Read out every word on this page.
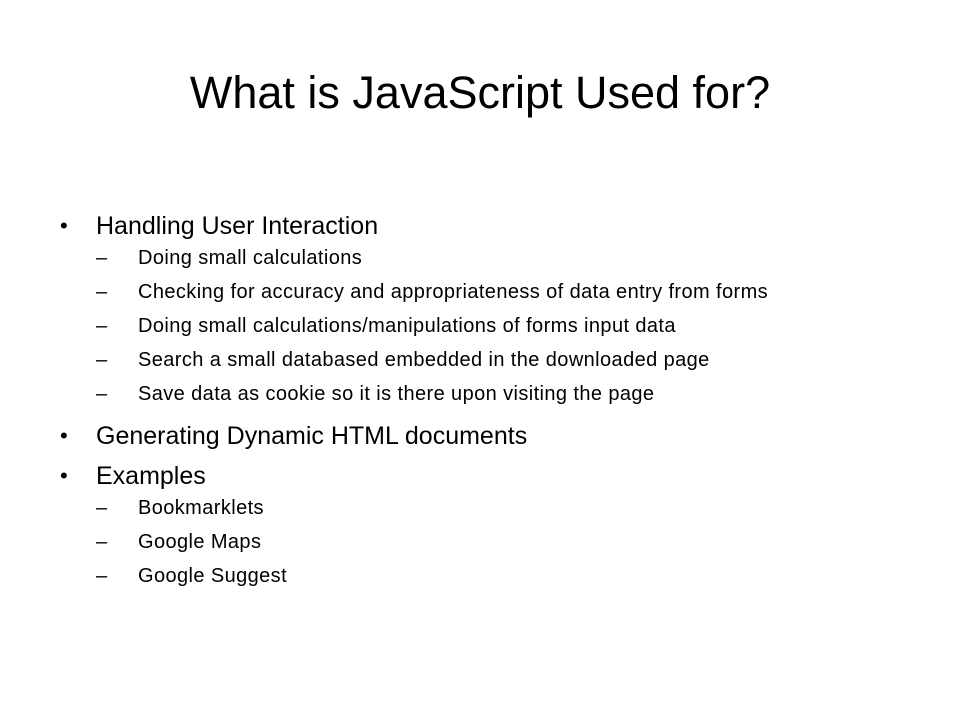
What is JavaScript Used for?
•	Handling User Interaction
– Doing small calculations
– Checking for accuracy and appropriateness of data entry from forms
– Doing small calculations/manipulations of forms input data
– Search a small databased embedded in the downloaded page
– Save data as cookie so it is there upon visiting the page
•	Generating Dynamic HTML documents
•	Examples
– Bookmarklets
– Google Maps
– Google Suggest
